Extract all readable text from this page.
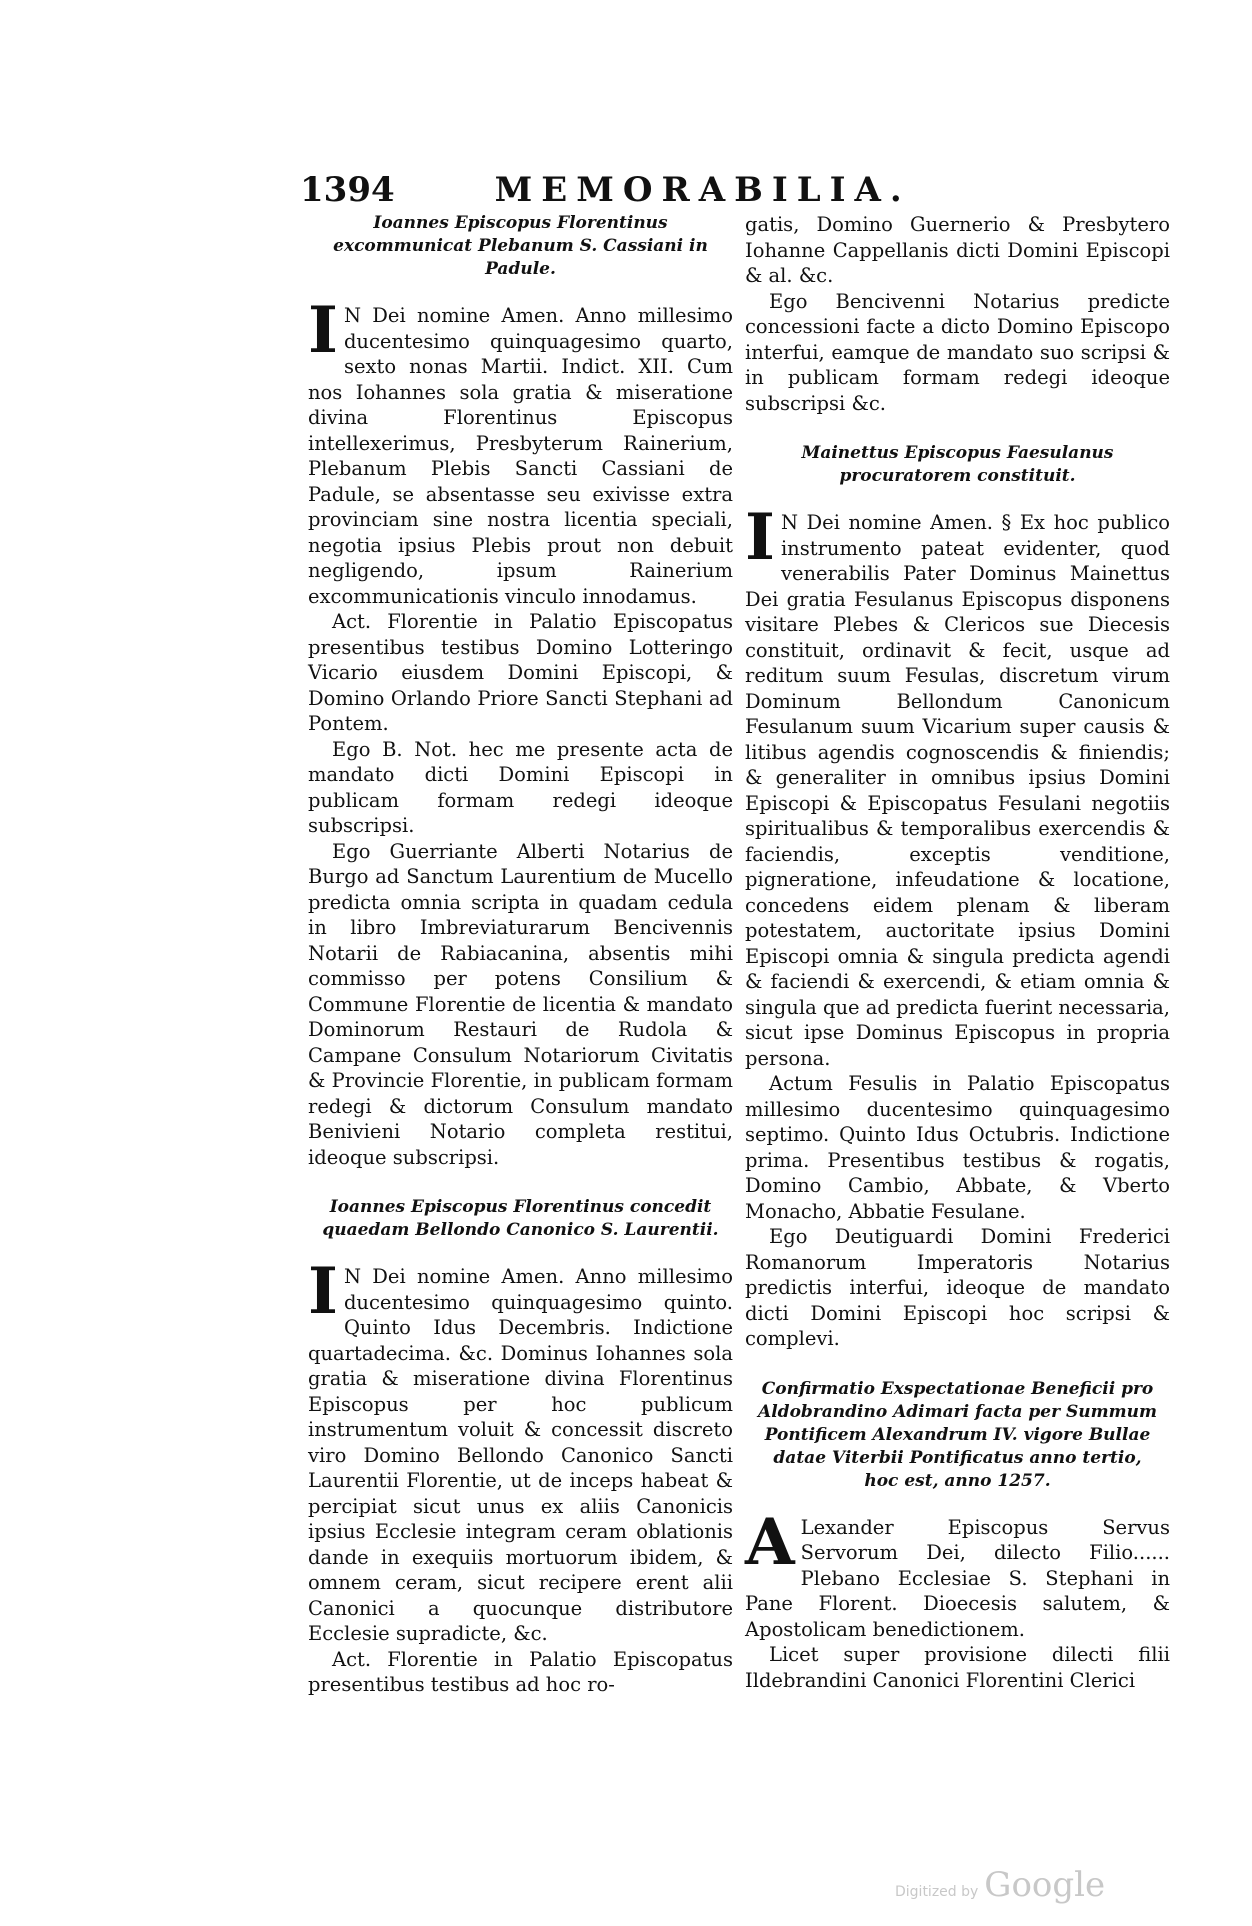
1394	MEMORABILIA.
Ioannes Episcopus Florentinus excommunicat Plebanum S. Cassiani in Padule.

I N Dei nomine Amen. Anno millesimo ducentesimo quinquagesimo quarto, sexto nonas Martii. Indict. XII. Cum nos Iohannes sola gratia & miseratione divina Florentinus Episcopus intellexerimus, Presbyterum Rainerium, Plebanum Plebis Sancti Cassiani de Padule, se absentasse seu exivisse extra provinciam sine nostra licentia speciali, negotia ipsius Plebis prout non debuit negligendo, ipsum Rainerium excommunicationis vinculo innodamus.

Act. Florentie in Palatio Episcopatus presentibus testibus Domino Lotteringo Vicario eiusdem Domini Episcopi, & Domino Orlando Priore Sancti Stephani ad Pontem.

Ego B. Not. hec me presente acta de mandato dicti Domini Episcopi in publicam formam redegi ideoque subscripsi.

Ego Guerriante Alberti Notarius de Burgo ad Sanctum Laurentium de Mucello predicta omnia scripta in quadam cedula in libro Imbreviaturarum Bencivennis Notarii de Rabiacanina, absentis mihi commisso per potens Consilium & Commune Florentie de licentia & mandato Dominorum Restauri de Rudola & Campane Consulum Notariorum Civitatis & Provincie Florentie, in publicam formam redegi & dictorum Consulum mandato Benivieni Notario completa restitui, ideoque subscripsi.

Ioannes Episcopus Florentinus concedit quaedam Bellondo Canonico S. Laurentii.

I N Dei nomine Amen. Anno millesimo ducentesimo quinquagesimo quinto. Quinto Idus Decembris. Indictione quartadecima. &c. Dominus Iohannes sola gratia & miseratione divina Florentinus Episcopus per hoc publicum instrumentum voluit & concessit discreto viro Domino Bellondo Canonico Sancti Laurentii Florentie, ut de inceps habeat & percipiat sicut unus ex aliis Canonicis ipsius Ecclesie integram ceram oblationis dande in exequiis mortuorum ibidem, & omnem ceram, sicut recipere erent alii Canonici a quocunque distributore Ecclesie supradicte, &c.

Act. Florentie in Palatio Episcopatus presentibus testibus ad hoc ro-

gatis, Domino Guernerio & Presbytero Iohanne Cappellanis dicti Domini Episcopi & al. &c.

Ego Bencivenni Notarius predicte concessioni facte a dicto Domino Episcopo interfui, eamque de mandato suo scripsi & in publicam formam redegi ideoque subscripsi &c.

Mainettus Episcopus Faesulanus procuratorem constituit.

I N Dei nomine Amen. § Ex hoc publico instrumento pateat evidenter, quod venerabilis Pater Dominus Mainettus Dei gratia Fesulanus Episcopus disponens visitare Plebes & Clericos sue Diecesis constituit, ordinavit & fecit, usque ad reditum suum Fesulas, discretum virum Dominum Bellondum Canonicum Fesulanum suum Vicarium super causis & litibus agendis cognoscendis & finiendis; & generaliter in omnibus ipsius Domini Episcopi & Episcopatus Fesulani negotiis spiritualibus & temporalibus exercendis & faciendis, exceptis venditione, pigneratione, infeudatione & locatione, concedens eidem plenam & liberam potestatem, auctoritate ipsius Domini Episcopi omnia & singula predicta agendi & faciendi & exercendi, & etiam omnia & singula que ad predicta fuerint necessaria, sicut ipse Dominus Episcopus in propria persona.

Actum Fesulis in Palatio Episcopatus millesimo ducentesimo quinquagesimo septimo. Quinto Idus Octubris. Indictione prima. Presentibus testibus & rogatis, Domino Cambio, Abbate, & Vberto Monacho, Abbatie Fesulane.

Ego Deutiguardi Domini Frederici Romanorum Imperatoris Notarius predictis interfui, ideoque de mandato dicti Domini Episcopi hoc scripsi & complevi.

Confirmatio Exspectationae Beneficii pro Aldobrandino Adimari facta per Summum Pontificem Alexandrum IV. vigore Bullae datae Viterbii Pontificatus anno tertio, hoc est, anno 1257.

A Lexander Episcopus Servus Servorum Dei, dilecto Filio...... Plebano Ecclesiae S. Stephani in Pane Florent. Dioecesis salutem, & Apostolicam benedictionem.

Licet super provisione dilecti filii Ildebrandini Canonici Florentini Clerici

Digitized by Google
